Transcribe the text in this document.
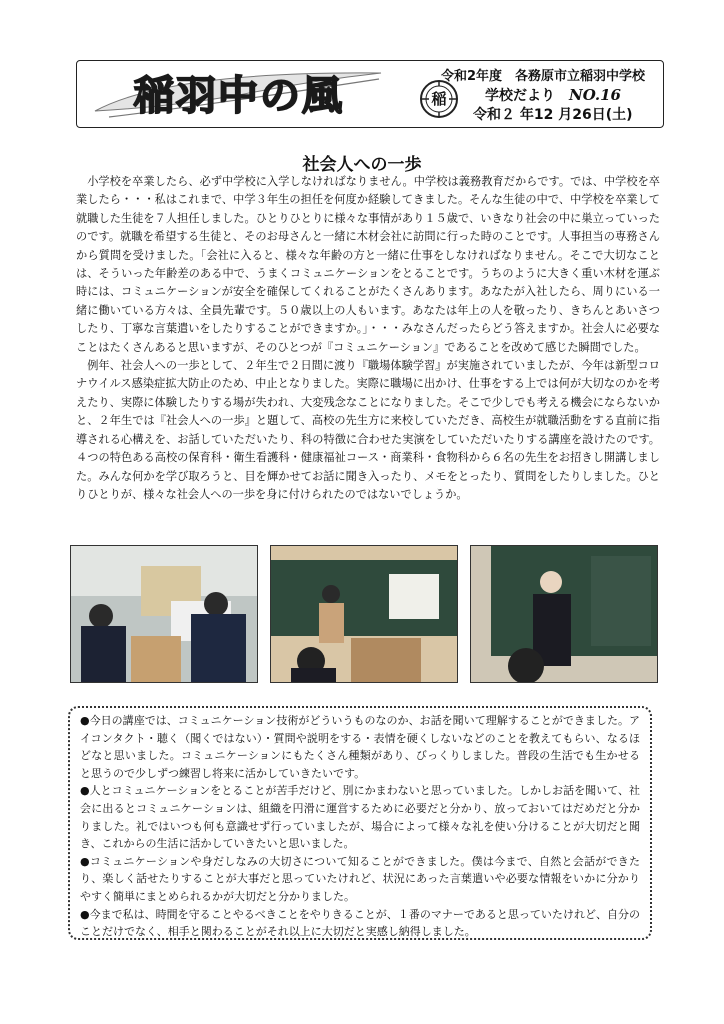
稲羽中の風	稲
令和2年度　各務原市立稲羽中学校
学校だより NO.16
令和２ 年12 月26日(土)
社会人への一歩

小学校を卒業したら、必ず中学校に入学しなければなりません。中学校は義務教育だからです。では、中学校を卒業したら・・・私はこれまで、中学３年生の担任を何度か経験してきました。そんな生徒の中で、中学校を卒業して就職した生徒を７人担任しました。ひとりひとりに様々な事情があり１５歳で、いきなり社会の中に巣立っていったのです。就職を希望する生徒と、そのお母さんと一緒に木材会社に訪問に行った時のことです。人事担当の専務さんから質問を受けました。「会社に入ると、様々な年齢の方と一緒に仕事をしなければなりません。そこで大切なことは、そういった年齢差のある中で、うまくコミュニケーションをとることです。うちのように大きく重い木材を運ぶ時には、コミュニケーションが安全を確保してくれることがたくさんあります。あなたが入社したら、周りにいる一緒に働いている方々は、全員先輩です。５０歳以上の人もいます。あなたは年上の人を敬ったり、きちんとあいさつしたり、丁寧な言葉遣いをしたりすることができますか。」・・・みなさんだったらどう答えますか。社会人に必要なことはたくさんあると思いますが、そのひとつが『コミュニケーション』であることを改めて感じた瞬間でした。

例年、社会人への一歩として、２年生で２日間に渡り『職場体験学習』が実施されていましたが、今年は新型コロナウイルス感染症拡大防止のため、中止となりました。実際に職場に出かけ、仕事をする上では何が大切なのかを考えたり、実際に体験したりする場が失われ、大変残念なことになりました。そこで少しでも考える機会にならないかと、２年生では『社会人への一歩』と題して、高校の先生方に来校していただき、高校生が就職活動をする直前に指導される心構えを、お話していただいたり、科の特徴に合わせた実演をしていただいたりする講座を設けたのです。４つの特色ある高校の保育科・衛生看護科・健康福祉コース・商業科・食物科から６名の先生をお招きし開講しました。みんな何かを学び取ろうと、目を輝かせてお話に聞き入ったり、メモをとったり、質問をしたりしました。ひとりひとりが、様々な社会人への一歩を身に付けられたのではないでしょうか。

●今日の講座では、コミュニケーション技術がどういうものなのか、お話を聞いて理解することができました。アイコンタクト・聴く（聞くではない）・質問や説明をする・表情を硬くしないなどのことを教えてもらい、なるほどなと思いました。コミュニケーションにもたくさん種類があり、びっくりしました。普段の生活でも生かせると思うので少しずつ練習し将来に活かしていきたいです。

●人とコミュニケーションをとることが苦手だけど、別にかまわないと思っていました。しかしお話を聞いて、社会に出るとコミュニケーションは、組織を円滑に運営するために必要だと分かり、放っておいてはだめだと分かりました。礼ではいつも何も意識せず行っていましたが、場合によって様々な礼を使い分けることが大切だと聞き、これからの生活に活かしていきたいと思いました。

●コミュニケーションや身だしなみの大切さについて知ることができました。僕は今まで、自然と会話ができたり、楽しく話せたりすることが大事だと思っていたけれど、状況にあった言葉遣いや必要な情報をいかに分かりやすく簡単にまとめられるかが大切だと分かりました。

●今まで私は、時間を守ることやるべきことをやりきることが、１番のマナーであると思っていたけれど、自分のことだけでなく、相手と関わることがそれ以上に大切だと実感し納得しました。
